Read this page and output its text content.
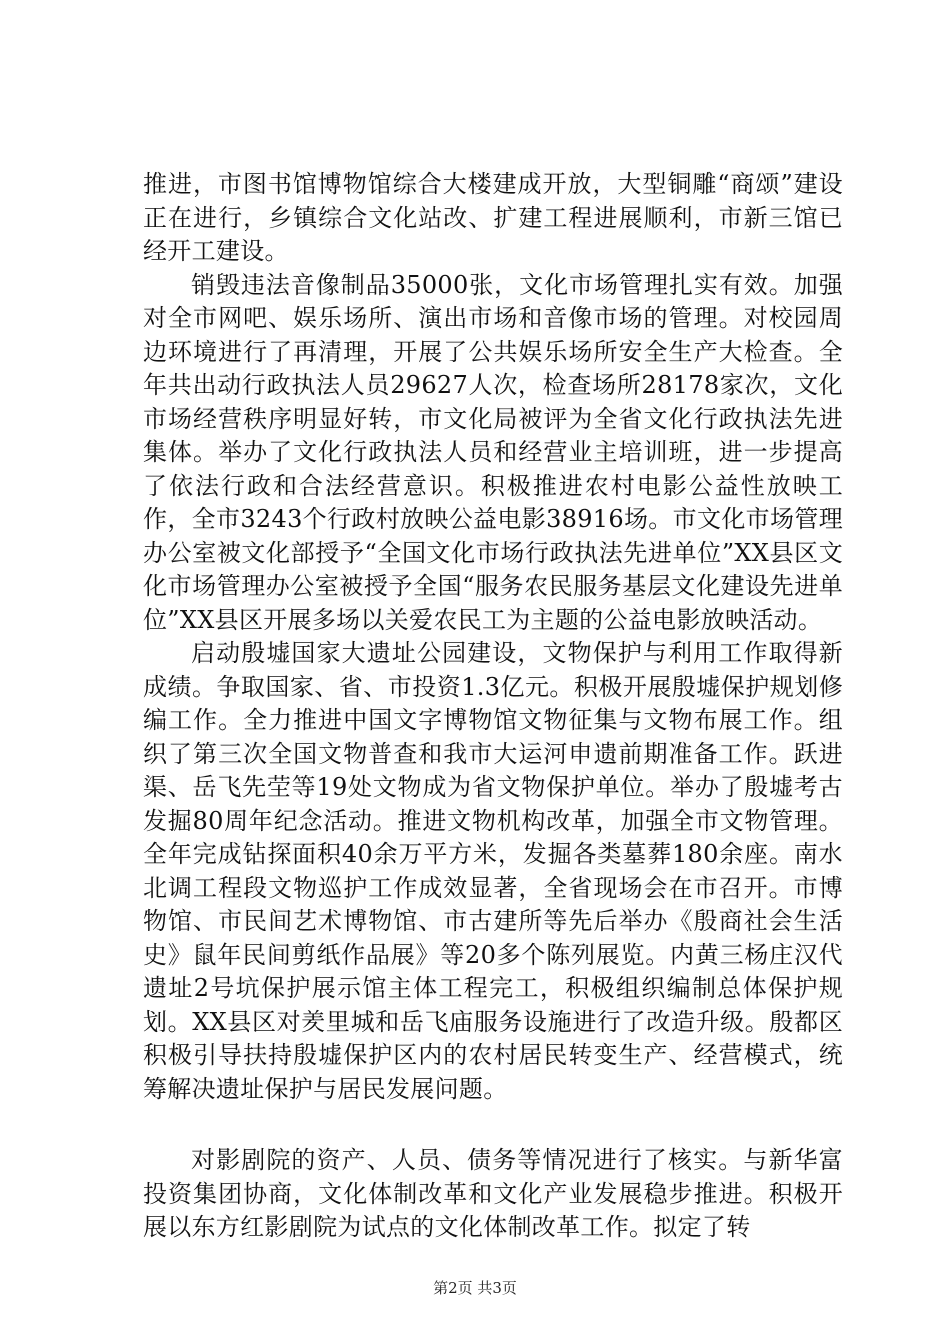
推进，市图书馆博物馆综合大楼建成开放，大型铜雕“商颂”建设正在进行，乡镇综合文化站改、扩建工程进展顺利，市新三馆已经开工建设。

销毁违法音像制品35000张，文化市场管理扎实有效。加强对全市网吧、娱乐场所、演出市场和音像市场的管理。对校园周边环境进行了再清理，开展了公共娱乐场所安全生产大检查。全年共出动行政执法人员29627人次，检查场所28178家次，文化市场经营秩序明显好转，市文化局被评为全省文化行政执法先进集体。举办了文化行政执法人员和经营业主培训班，进一步提高了依法行政和合法经营意识。积极推进农村电影公益性放映工作，全市3243个行政村放映公益电影38916场。市文化市场管理办公室被文化部授予“全国文化市场行政执法先进单位”XX县区文化市场管理办公室被授予全国“服务农民服务基层文化建设先进单位”XX县区开展多场以关爱农民工为主题的公益电影放映活动。

启动殷墟国家大遗址公园建设，文物保护与利用工作取得新成绩。争取国家、省、市投资1.3亿元。积极开展殷墟保护规划修编工作。全力推进中国文字博物馆文物征集与文物布展工作。组织了第三次全国文物普查和我市大运河申遗前期准备工作。跃进渠、岳飞先茔等19处文物成为省文物保护单位。举办了殷墟考古发掘80周年纪念活动。推进文物机构改革，加强全市文物管理。全年完成钻探面积40余万平方米，发掘各类墓葬180余座。南水北调工程段文物巡护工作成效显著，全省现场会在市召开。市博物馆、市民间艺术博物馆、市古建所等先后举办《殷商社会生活史》鼠年民间剪纸作品展》等20多个陈列展览。内黄三杨庄汉代遗址2号坑保护展示馆主体工程完工，积极组织编制总体保护规划。XX县区对羑里城和岳飞庙服务设施进行了改造升级。殷都区积极引导扶持殷墟保护区内的农村居民转变生产、经营模式，统筹解决遗址保护与居民发展问题。

对影剧院的资产、人员、债务等情况进行了核实。与新华富投资集团协商，文化体制改革和文化产业发展稳步推进。积极开展以东方红影剧院为试点的文化体制改革工作。拟定了转

第2页 共3页
